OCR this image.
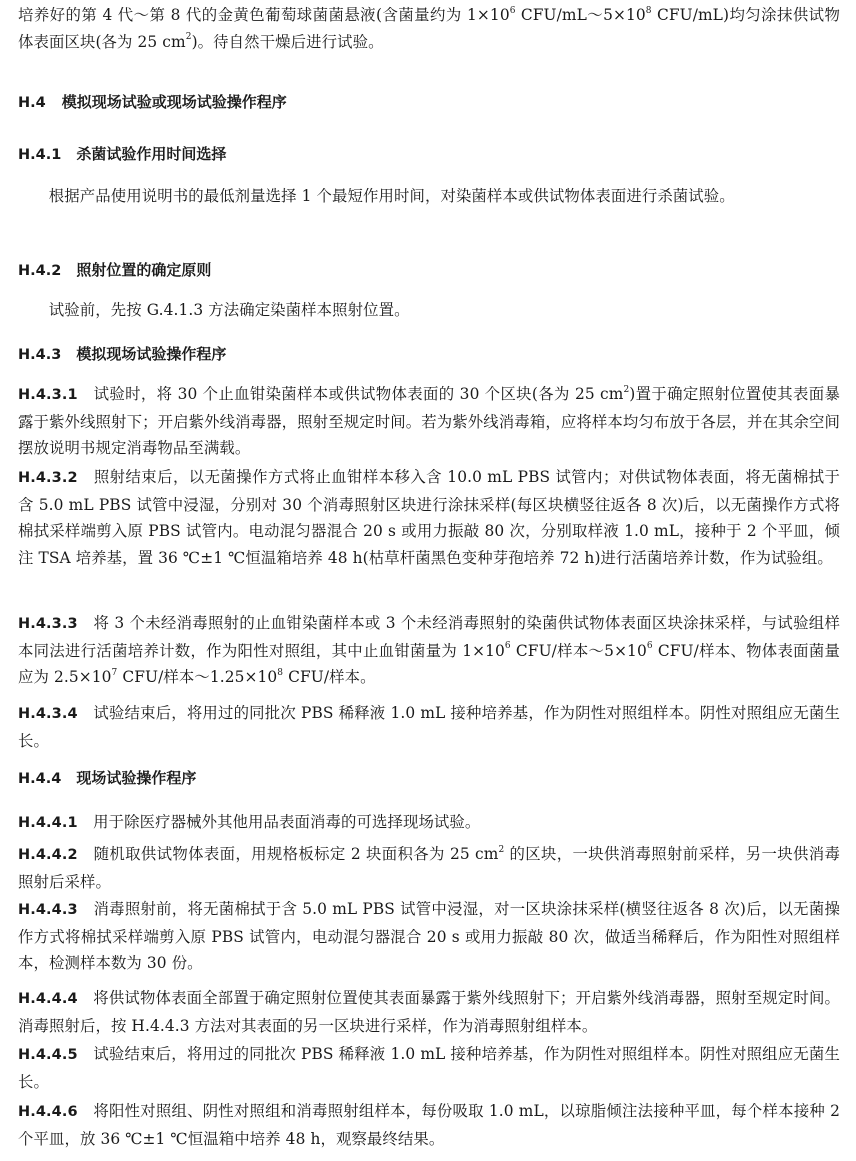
培养好的第 4 代～第 8 代的金黄色葡萄球菌菌悬液(含菌量约为 $1\times 10^6$ CFU/$mL\sim 5\times 10^8$ CFU/mL)均匀涂抹供试物体表面区块(各为 25 $cm^2$)。待自然干燥后进行试验。

H.4 模拟现场试验或现场试验操作程序

H.4.1 杀菌试验作用时间选择

根据产品使用说明书的最低剂量选择 1 个最短作用时间，对染菌样本或供试物体表面进行杀菌试验。

H.4.2 照射位置的确定原则

试验前，先按 G.4.1.3 方法确定染菌样本照射位置。

H.4.3 模拟现场试验操作程序

H.4.3.1　 试验时，将 30 个止血钳染菌样本或供试物体表面的 30 个区块(各为 25 $cm^2$)置于确定照射位置使其表面暴露于紫外线照射下；开启紫外线消毒器，照射至规定时间。若为紫外线消毒箱，应将样本均匀布放于各层，并在其余空间摆放说明书规定消毒物品至满载。

H.4.3.2　 照射结束后，以无菌操作方式将止血钳样本移入含 10.0 mL PBS 试管内；对供试物体表面，将无菌棉拭于含 5.0 mL PBS 试管中浸湿，分别对 30 个消毒照射区块进行涂抹采样(每区块横竖往返各 8 次)后，以无菌操作方式将棉拭采样端剪入原 PBS 试管内。电动混匀器混合 20 s 或用力振敲 80 次，分别取样液 1.0 mL，接种于 2 个平皿，倾注 TSA 培养基，置 36 ℃±1 ℃恒温箱培养 48 h(枯草杆菌黑色变种芽孢培养 72 h)进行活菌培养计数，作为试验组。

H.4.3.3　 将 3 个未经消毒照射的止血钳染菌样本或 3 个未经消毒照射的染菌供试物体表面区块涂抹采样，与试验组样本同法进行活菌培养计数，作为阳性对照组，其中止血钳菌量为 $1\times 10^6$ CFU/样本$\sim 5\times 10^6$ CFU/样本、物体表面菌量应为 $2.5\times 10^7$ CFU/样本$\sim 1.25\times 10^8$ CFU/样本。

H.4.3.4　 试验结束后，将用过的同批次 PBS 稀释液 1.0 mL 接种培养基，作为阴性对照组样本。阴性对照组应无菌生长。

H.4.4 现场试验操作程序

H.4.4.1　 用于除医疗器械外其他用品表面消毒的可选择现场试验。

H.4.4.2　 随机取供试物体表面，用规格板标定 2 块面积各为 25 $cm^2$ 的区块，一块供消毒照射前采样，另一块供消毒照射后采样。

H.4.4.3　 消毒照射前，将无菌棉拭于含 5.0 mL PBS 试管中浸湿，对一区块涂抹采样(横竖往返各 8 次)后，以无菌操作方式将棉拭采样端剪入原 PBS 试管内，电动混匀器混合 20 s 或用力振敲 80 次，做适当稀释后，作为阳性对照组样本，检测样本数为 30 份。

H.4.4.4　 将供试物体表面全部置于确定照射位置使其表面暴露于紫外线照射下；开启紫外线消毒器，照射至规定时间。消毒照射后，按 H.4.4.3 方法对其表面的另一区块进行采样，作为消毒照射组样本。

H.4.4.5　 试验结束后，将用过的同批次 PBS 稀释液 1.0 mL 接种培养基，作为阴性对照组样本。阴性对照组应无菌生长。

H.4.4.6　 将阳性对照组、阴性对照组和消毒照射组样本，每份吸取 1.0 mL，以琼脂倾注法接种平皿，每个样本接种 2 个平皿，放 36 ℃±1 ℃恒温箱中培养 48 h，观察最终结果。
